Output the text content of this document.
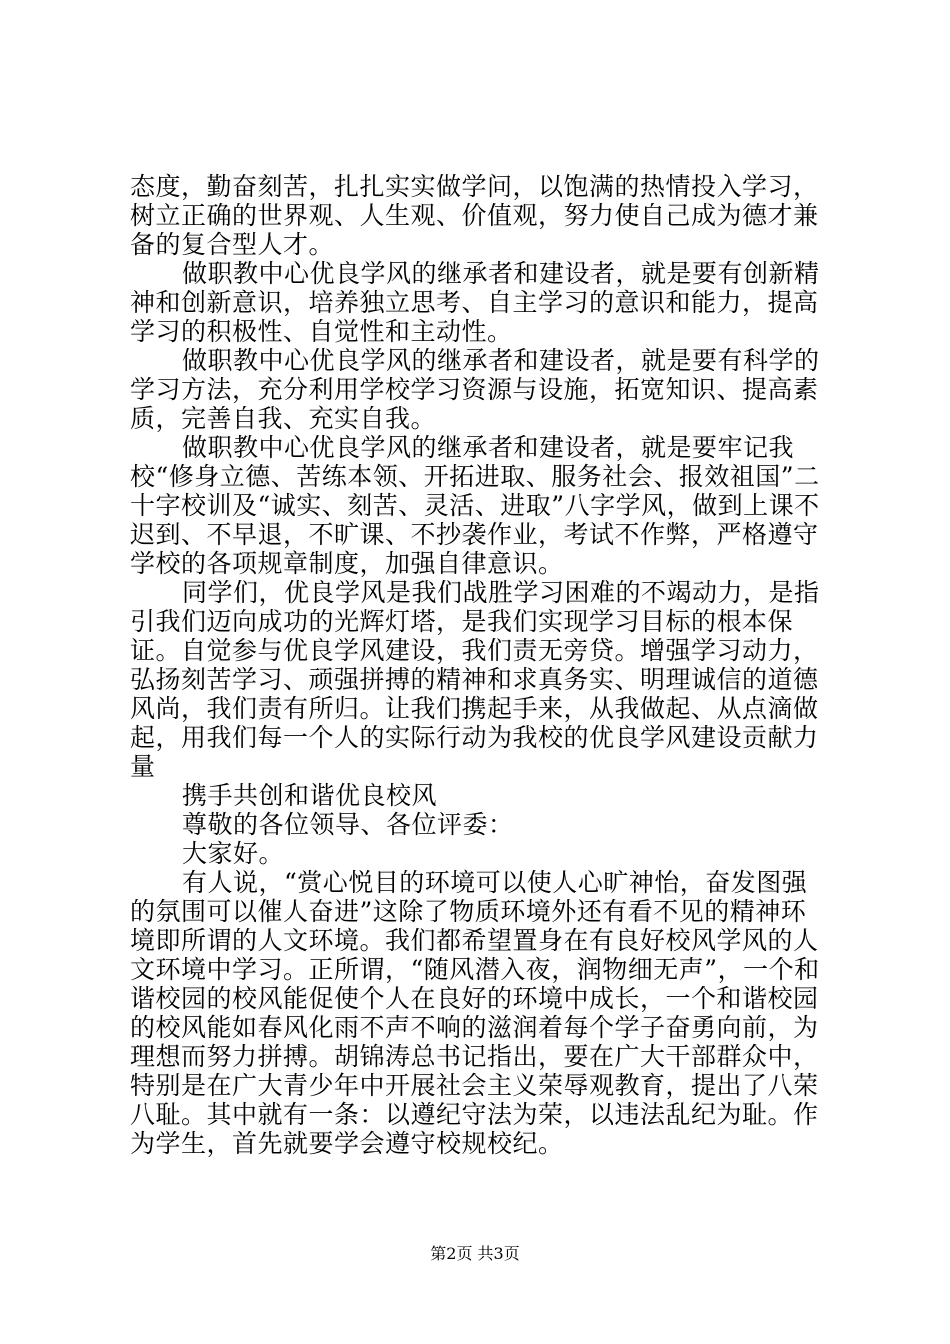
态度，勤奋刻苦，扎扎实实做学问，以饱满的热情投入学习，树立正确的世界观、人生观、价值观，努力使自己成为德才兼备的复合型人才。

做职教中心优良学风的继承者和建设者，就是要有创新精神和创新意识，培养独立思考、自主学习的意识和能力，提高学习的积极性、自觉性和主动性。

做职教中心优良学风的继承者和建设者，就是要有科学的学习方法，充分利用学校学习资源与设施，拓宽知识、提高素质，完善自我、充实自我。

做职教中心优良学风的继承者和建设者，就是要牢记我校“修身立德、苦练本领、开拓进取、服务社会、报效祖国”二十字校训及“诚实、刻苦、灵活、进取”八字学风，做到上课不迟到、不早退，不旷课、不抄袭作业，考试不作弊，严格遵守学校的各项规章制度，加强自律意识。

同学们，优良学风是我们战胜学习困难的不竭动力，是指引我们迈向成功的光辉灯塔，是我们实现学习目标的根本保证。自觉参与优良学风建设，我们责无旁贷。增强学习动力，弘扬刻苦学习、顽强拼搏的精神和求真务实、明理诚信的道德风尚，我们责有所归。让我们携起手来，从我做起、从点滴做起，用我们每一个人的实际行动为我校的优良学风建设贡献力量

携手共创和谐优良校风

尊敬的各位领导、各位评委：

大家好。

有人说，“赏心悦目的环境可以使人心旷神怡，奋发图强的氛围可以催人奋进”这除了物质环境外还有看不见的精神环境即所谓的人文环境。我们都希望置身在有良好校风学风的人文环境中学习。正所谓，“随风潜入夜，润物细无声”，一个和谐校园的校风能促使个人在良好的环境中成长，一个和谐校园的校风能如春风化雨不声不响的滋润着每个学子奋勇向前，为理想而努力拼搏。胡锦涛总书记指出，要在广大干部群众中，特别是在广大青少年中开展社会主义荣辱观教育，提出了八荣八耻。其中就有一条：以遵纪守法为荣，以违法乱纪为耻。作为学生，首先就要学会遵守校规校纪。

第2页 共3页
